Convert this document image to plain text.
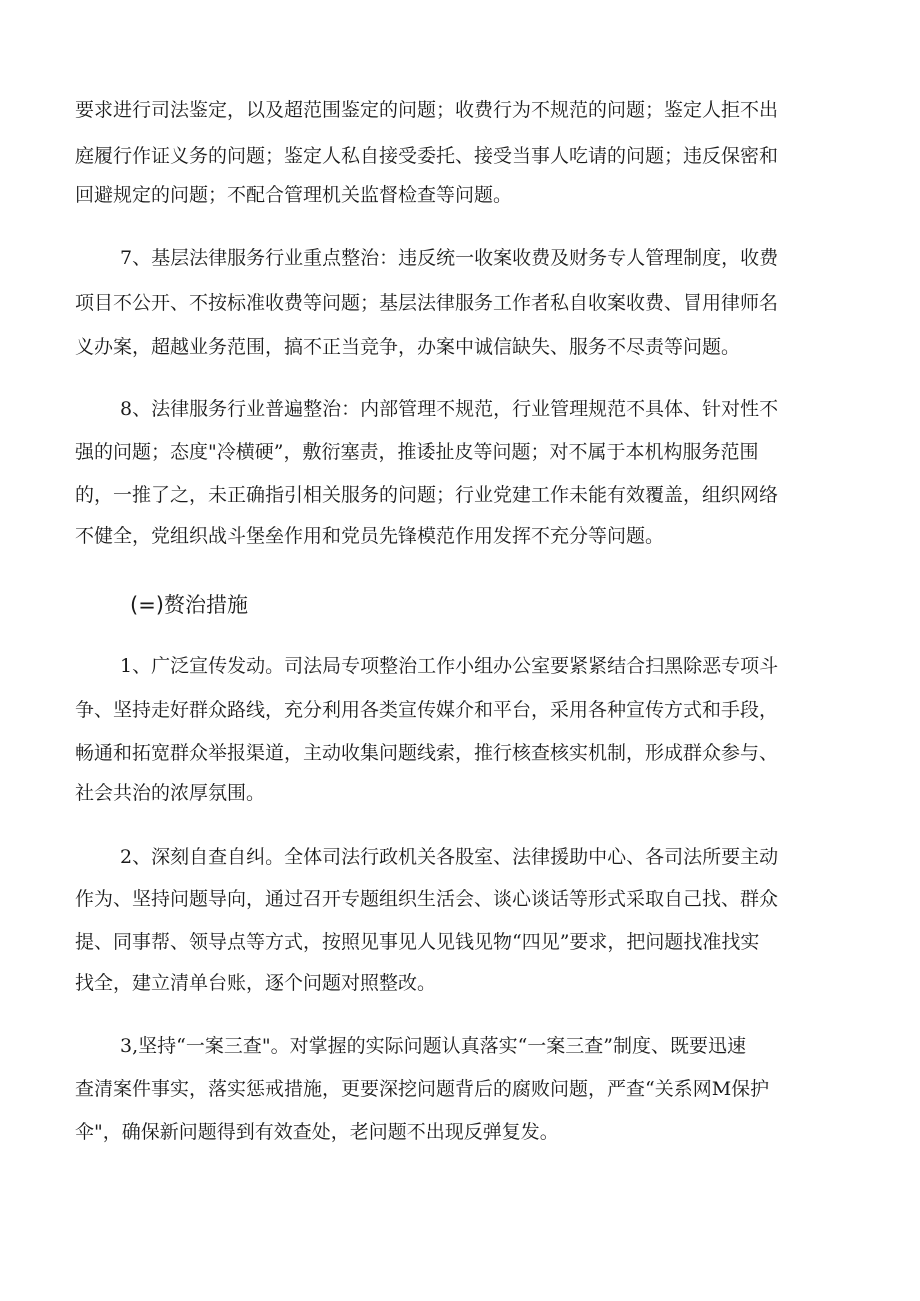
要求进行司法鉴定，以及超范围鉴定的问题；收费行为不规范的问题；鉴定人拒不出
庭履行作证义务的问题；鉴定人私自接受委托、接受当事人吃请的问题；违反保密和
回避规定的问题；不配合管理机关监督检查等问题。
7、基层法律服务行业重点整治：违反统一收案收费及财务专人管理制度，收费
项目不公开、不按标准收费等问题；基层法律服务工作者私自收案收费、冒用律师名
义办案，超越业务范围，搞不正当竞争，办案中诚信缺失、服务不尽责等问题。
8、法律服务行业普遍整治：内部管理不规范，行业管理规范不具体、针对性不
强的问题；态度"冷横硬”，敷衍塞责，推诿扯皮等问题；对不属于本机构服务范围
的，一推了之，未正确指引相关服务的问题；行业党建工作未能有效覆盖，组织网络
不健全，党组织战斗堡垒作用和党员先锋模范作用发挥不充分等问题。
(=)赘治措施
1、广泛宣传发动。司法局专项整治工作小组办公室要紧紧结合扫黑除恶专项斗
争、坚持走好群众路线，充分利用各类宣传媒介和平台，采用各种宣传方式和手段，
畅通和拓宽群众举报渠道，主动收集问题线索，推行核查核实机制，形成群众参与、
社会共治的浓厚氛围。
2、深刻自查自纠。全体司法行政机关各股室、法律援助中心、各司法所要主动
作为、坚持问题导向，通过召开专题组织生活会、谈心谈话等形式采取自己找、群众
提、同事帮、领导点等方式，按照见事见人见钱见物“四见”要求，把问题找准找实
找全，建立清单台账，逐个问题对照整改。
3,坚持“一案三查"。对掌握的实际问题认真落实“一案三查”制度、既要迅速
查清案件事实，落实惩戒措施，更要深挖问题背后的腐败问题，严查“关系网M保护
伞"，确保新问题得到有效查处，老问题不出现反弹复发。
